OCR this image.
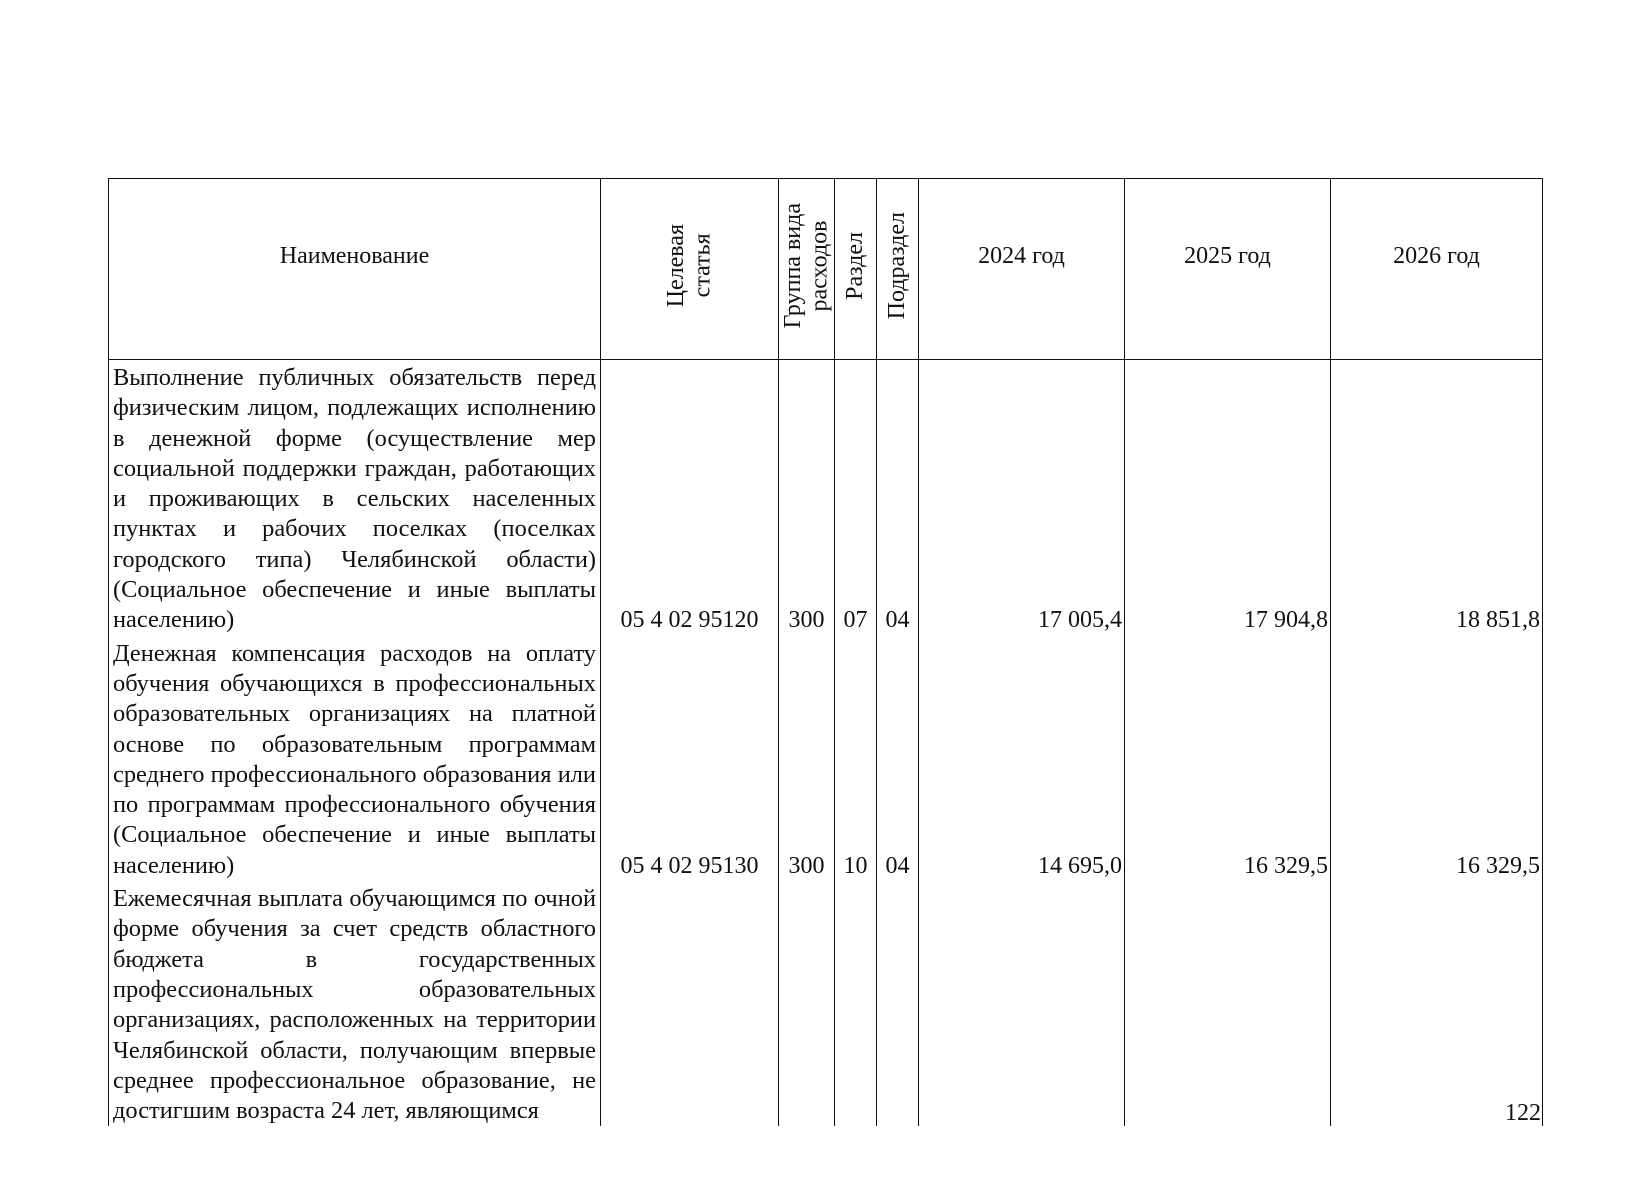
Наименование	Целевая статья	Группа вида расходов	Раздел	Подраздел	2024 год	2025 год	2026 год

Выполнение публичных обязательств перед физическим лицом, подлежащих исполнению в денежной форме (осуществление мер социальной поддержки граждан, работающих и проживающих в сельских населенных пунктах и рабочих поселках (поселках городского типа) Челябинской области) (Социальное обеспечение и иные выплаты населению)	05 4 02 95120	300	07	04	17 005,4	17 904,8	18 851,8

Денежная компенсация расходов на оплату обучения обучающихся в профессиональных образовательных организациях на платной основе по образовательным программам среднего профессионального образования или по программам профессионального обучения (Социальное обеспечение и иные выплаты населению)	05 4 02 95130	300	10	04	14 695,0	16 329,5	16 329,5

Ежемесячная выплата обучающимся по очной форме обучения за счет средств областного бюджета в государственных профессиональных образовательных организациях, расположенных на территории Челябинской области, получающим впервые среднее профессиональное образование, не достигшим возраста 24 лет, являющимся							
								122
